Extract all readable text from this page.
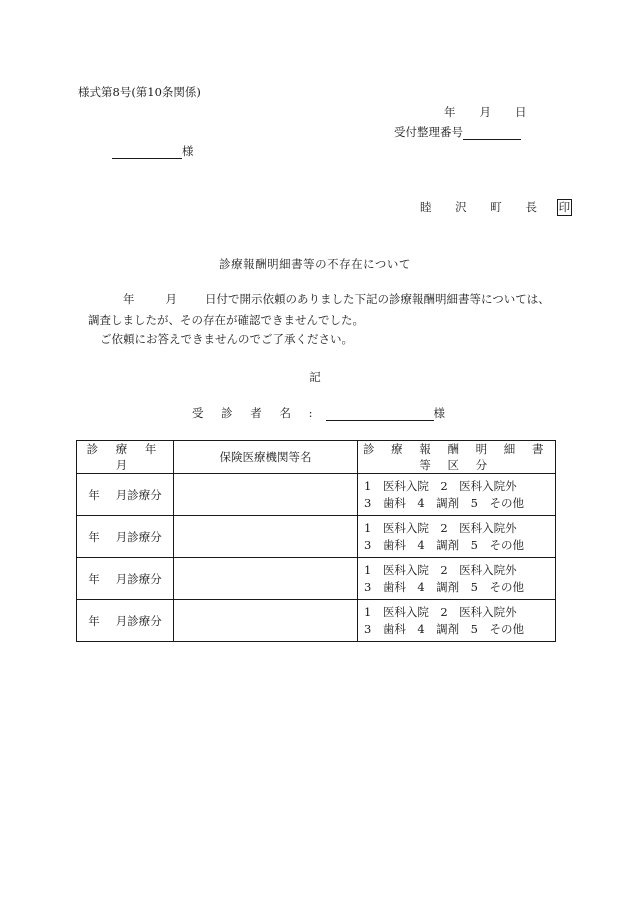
様式第8号(第10条関係)
年 月 日
受付整理番号
様
睦 沢 町 長 印
診療報酬明細書等の不存在について
年	月 日付で開示依頼のありました下記の診療報酬明細書等については、
調査しましたが、その存在が確認できませんでした。
ご依頼にお答えできませんのでご了承ください。
記
受 診 者 名 :	様
診 療 年 月	保険医療機関等名	診 療 報 酬 明 細 書 等 区 分
年 月診療分		1　医科入院　2　医科入院外
3　歯科　4　調剤　5　その他

年 月診療分		1　医科入院　2　医科入院外
3　歯科　4　調剤　5　その他

年 月診療分		1　医科入院　2　医科入院外
3　歯科　4　調剤　5　その他

年 月診療分		1　医科入院　2　医科入院外
3　歯科　4　調剤　5　その他
